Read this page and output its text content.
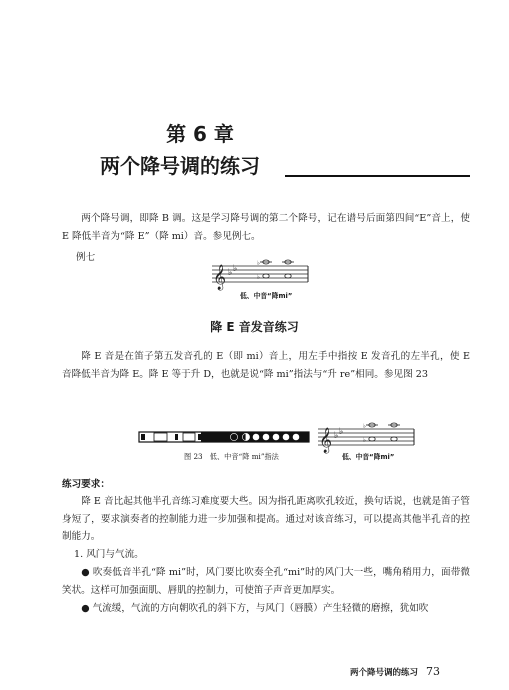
第 6 章
两个降号调的练习

两个降号调，即降 B 调。这是学习降号调的第二个降号，记在谱号后面第四间“E”音上，使 E 降低半音为“降 E”（降 mi）音。参见例七。

例七
𝄞 ♭ ♭
♭
♭
低、中音“降mi”
降 E 音发音练习

降 E 音是在笛子第五发音孔的 E（即 mi）音上，用左手中指按 E 发音孔的左半孔，使 E 音降低半音为降 E。降 E 等于升 D，也就是说“降 mi”指法与“升 re”相同。参见图 23

图 23　低、中音“降 mi”指法
𝄞 ♭ ♭
♭
♭
低、中音“降mi”
练习要求：

降 E 音比起其他半孔音练习难度要大些。因为指孔距离吹孔较近，换句话说，也就是笛子管身短了，要求演奏者的控制能力进一步加强和提高。通过对该音练习，可以提高其他半孔音的控制能力。

1. 风门与气流。

● 吹奏低音半孔“降 mi”时，风门要比吹奏全孔“mi”时的风门大一些，嘴角稍用力，面带微笑状。这样可加强面肌、唇肌的控制力，可使笛子声音更加厚实。

● 气流缓，气流的方向朝吹孔的斜下方，与风门（唇膜）产生轻微的磨擦，犹如吹

两个降号调的练习 73
